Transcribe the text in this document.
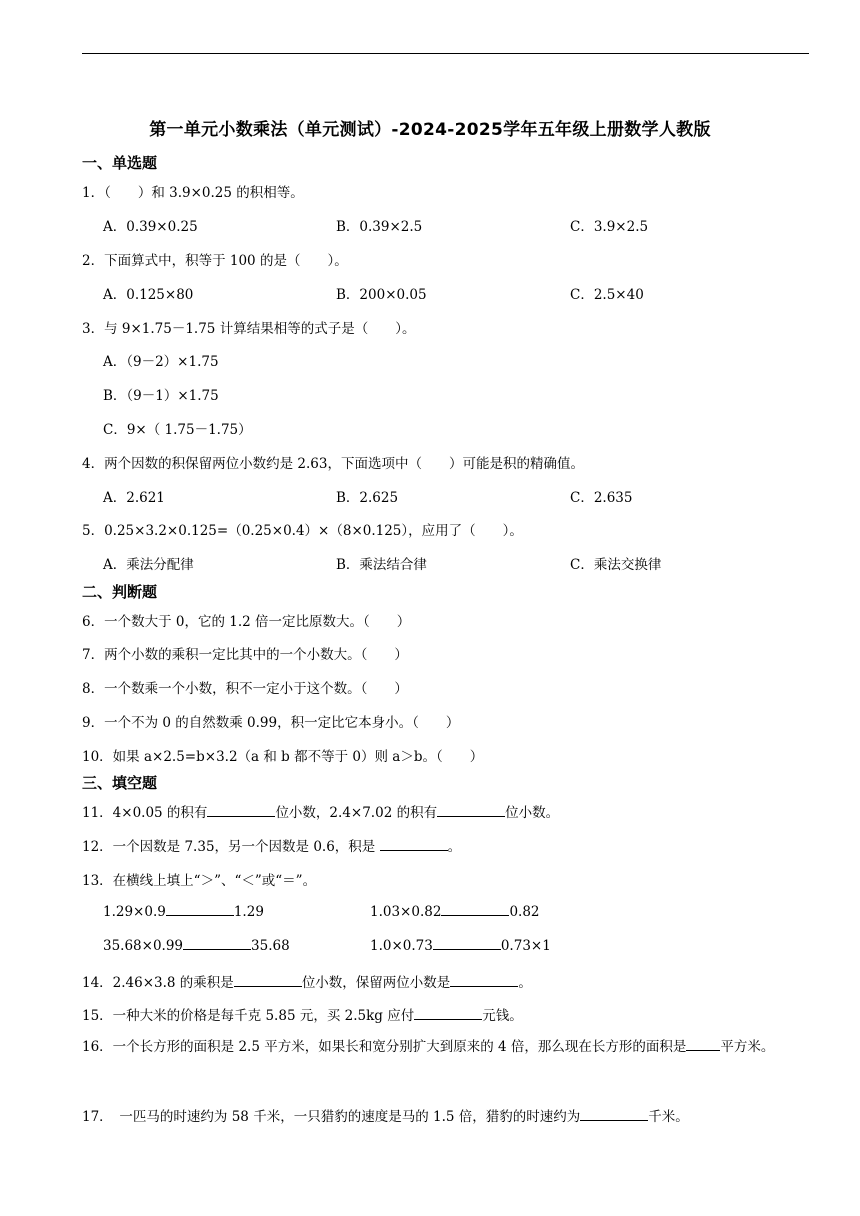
第一单元小数乘法（单元测试）-2024-2025学年五年级上册数学人教版
一、单选题
1．（　　）和 3.9×0.25 的积相等。
A．0.39×0.25	B．0.39×2.5	C．3.9×2.5
2．下面算式中，积等于 100 的是（　　）。
A．0.125×80	B．200×0.05	C．2.5×40
3．与 9×1.75－1.75 计算结果相等的式子是（　　）。
A．（9－2）×1.75
B．（9－1）×1.75
C．9×（ 1.75－1.75）
4．两个因数的积保留两位小数约是 2.63，下面选项中（　　）可能是积的精确值。
A．2.621	B．2.625	C．2.635
5．0.25×3.2×0.125=（0.25×0.4）×（8×0.125），应用了（　　）。
A．乘法分配律	B．乘法结合律	C．乘法交换律
二、判断题
6．一个数大于 0，它的 1.2 倍一定比原数大。（　　）
7．两个小数的乘积一定比其中的一个小数大。（　　）
8．一个数乘一个小数，积不一定小于这个数。（　　）
9．一个不为 0 的自然数乘 0.99，积一定比它本身小。（　　）
10．如果 a×2.5=b×3.2（a 和 b 都不等于 0）则 a＞b。（　　）
三、填空题
11．4×0.05 的积有	位小数，2.4×7.02 的积有	位小数。
12．一个因数是 7.35，另一个因数是 0.6，积是	。
13．在横线上填上“＞”、“＜”或“＝”。
1.29×0.9	1.29	1.03×0.82	0.82
35.68×0.99	35.68	1.0×0.73	0.73×1
14．2.46×3.8 的乘积是	位小数，保留两位小数是	。
15．一种大米的价格是每千克 5.85 元，买 2.5kg 应付	元钱。
16．一个长方形的面积是 2.5 平方米，如果长和宽分别扩大到原来的 4 倍，那么现在长方形的面积是	平方米。
17．　一匹马的时速约为 58 千米，一只猎豹的速度是马的 1.5 倍，猎豹的时速约为	千米。
